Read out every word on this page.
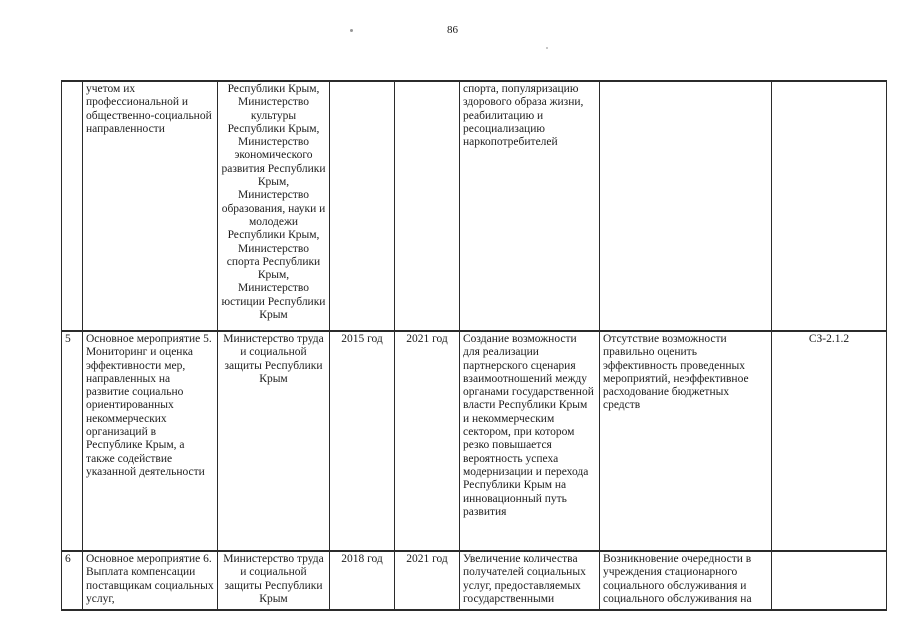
86
	учетом их профессиональной и общественно-социальной направленности	Республики Крым, Министерство культуры Республики Крым, Министерство экономического развития Республики Крым, Министерство образования, науки и молодежи Республики Крым, Министерство спорта Республики Крым, Министерство юстиции Республики Крым			спорта, популяризацию здорового образа жизни, реабилитацию и ресоциализацию наркопотребителей		
5	Основное мероприятие 5. Мониторинг и оценка эффективности мер, направленных на развитие социально ориентированных некоммерческих организаций в Республике Крым, а также содействие указанной деятельности	Министерство труда и социальной защиты Республики Крым	2015 год	2021 год	Создание возможности для реализации партнерского сценария взаимоотношений между органами государственной власти Республики Крым и некоммерческим сектором, при котором резко повышается вероятность успеха модернизации и перехода Республики Крым на инновационный путь развития	Отсутствие возможности правильно оценить эффективность проведенных мероприятий, неэффективное расходование бюджетных средств	СЗ-2.1.2
6	Основное мероприятие 6. Выплата компенсации поставщикам социальных услуг,	Министерство труда и социальной защиты Республики Крым	2018 год	2021 год	Увеличение количества получателей социальных услуг, предоставляемых государственными	Возникновение очередности в учреждения стационарного социального обслуживания и социального обслуживания на	
